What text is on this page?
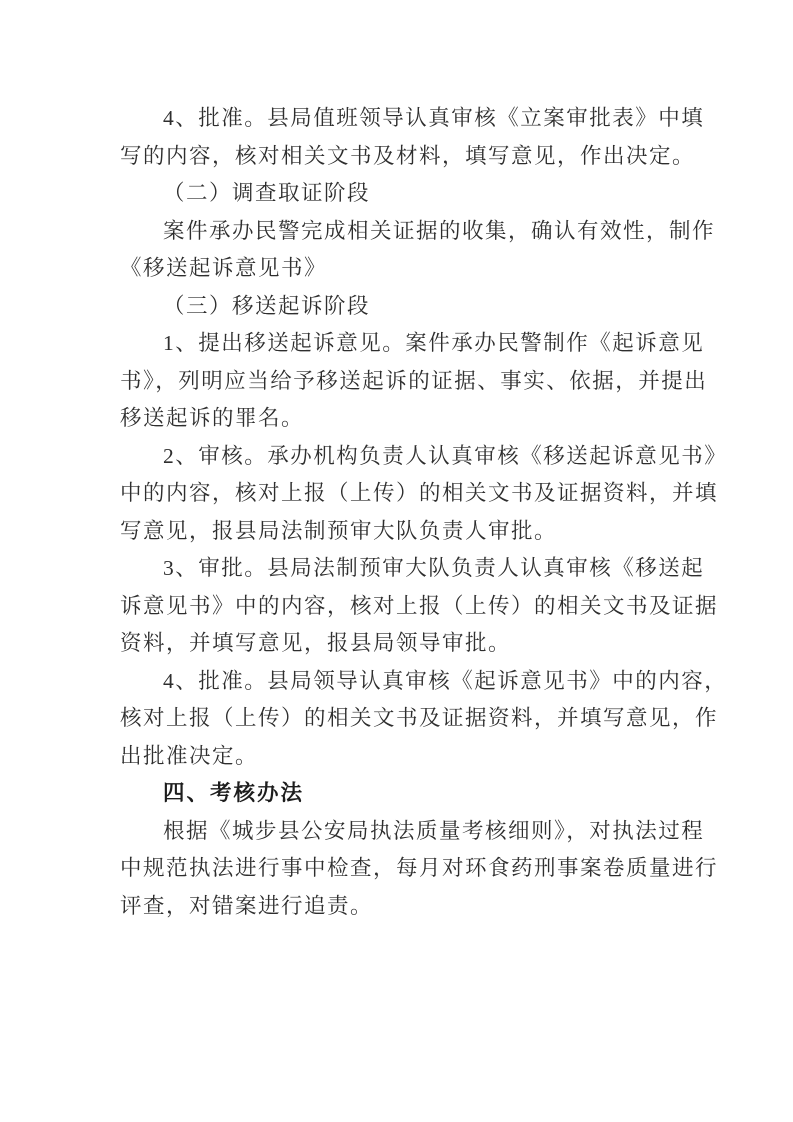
4、批准。县局值班领导认真审核《立案审批表》中填
写的内容，核对相关文书及材料，填写意见，作出决定。
（二）调查取证阶段
案件承办民警完成相关证据的收集，确认有效性，制作
《移送起诉意见书》
（三）移送起诉阶段
1、提出移送起诉意见。案件承办民警制作《起诉意见
书》，列明应当给予移送起诉的证据、事实、依据，并提出
移送起诉的罪名。
2、审核。承办机构负责人认真审核《移送起诉意见书》
中的内容，核对上报（上传）的相关文书及证据资料，并填
写意见，报县局法制预审大队负责人审批。
3、审批。县局法制预审大队负责人认真审核《移送起
诉意见书》中的内容，核对上报（上传）的相关文书及证据
资料，并填写意见，报县局领导审批。
4、批准。县局领导认真审核《起诉意见书》中的内容，
核对上报（上传）的相关文书及证据资料，并填写意见，作
出批准决定。
四、考核办法
根据《城步县公安局执法质量考核细则》，对执法过程
中规范执法进行事中检查，每月对环食药刑事案卷质量进行
评查，对错案进行追责。
